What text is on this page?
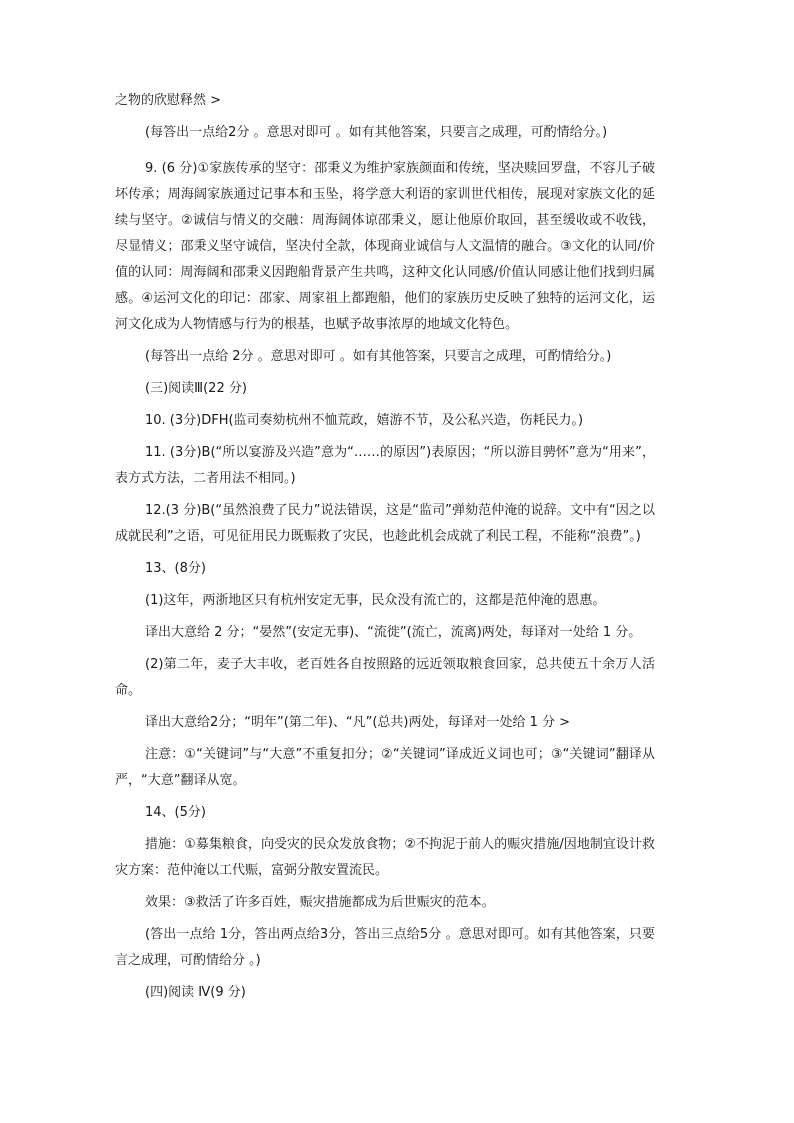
之物的欣慰释然 >

(每答出一点给2分 。意思对即可 。如有其他答案，只要言之成理，可酌情给分。)

9. (6 分)①家族传承的坚守：邵秉义为维护家族颜面和传统，坚决赎回罗盘，不容儿子破坏传承；周海阔家族通过记事本和玉坠，将学意大利语的家训世代相传，展现对家族文化的延续与坚守。②诚信与情义的交融：周海阔体谅邵秉义，愿让他原价取回，甚至缓收或不收钱，尽显情义；邵秉义坚守诚信，坚决付全款，体现商业诚信与人文温情的融合。③文化的认同/价值的认同：周海阔和邵秉义因跑船背景产生共鸣，这种文化认同感/价值认同感让他们找到归属感。④运河文化的印记：邵家、周家祖上都跑船，他们的家族历史反映了独特的运河文化，运河文化成为人物情感与行为的根基，也赋予故事浓厚的地域文化特色。

(每答出一点给 2分 。意思对即可 。如有其他答案，只要言之成理，可酌情给分。)

(三)阅读Ⅲ(22 分)

10. (3分)DFH(监司奏劾杭州不恤荒政，嬉游不节，及公私兴造，伤耗民力。)

11. (3分)B(“所以宴游及兴造”意为“……的原因”)表原因；“所以游目骋怀”意为“用来”，表方式方法，二者用法不相同。)

12.(3 分)B(“虽然浪费了民力”说法错误，这是“监司”弹劾范仲淹的说辞。文中有“因之以成就民利”之语，可见征用民力既赈救了灾民，也趁此机会成就了利民工程，不能称“浪费”。)

13、(8分)

(1)这年，两浙地区只有杭州安定无事，民众没有流亡的，这都是范仲淹的恩惠。

译出大意给 2 分；“晏然”(安定无事)、“流徙”(流亡，流离)两处，每译对一处给 1 分。

(2)第二年，麦子大丰收，老百姓各自按照路的远近领取粮食回家，总共使五十余万人活命。

译出大意给2分；“明年”(第二年)、“凡”(总共)两处，每译对一处给 1 分 >

注意：①“关键词”与“大意”不重复扣分；②“关键词”译成近义词也可；③“关键词”翻译从严，“大意”翻译从宽。

14、(5分)

措施：①募集粮食，向受灾的民众发放食物；②不拘泥于前人的赈灾措施/因地制宜设计救灾方案：范仲淹以工代赈，富弼分散安置流民。

效果：③救活了许多百姓，赈灾措施都成为后世赈灾的范本。

(答出一点给 1分，答出两点给3分，答出三点给5分 。意思对即可。如有其他答案，只要言之成理，可酌情给分 。)

(四)阅读 Ⅳ(9 分)
